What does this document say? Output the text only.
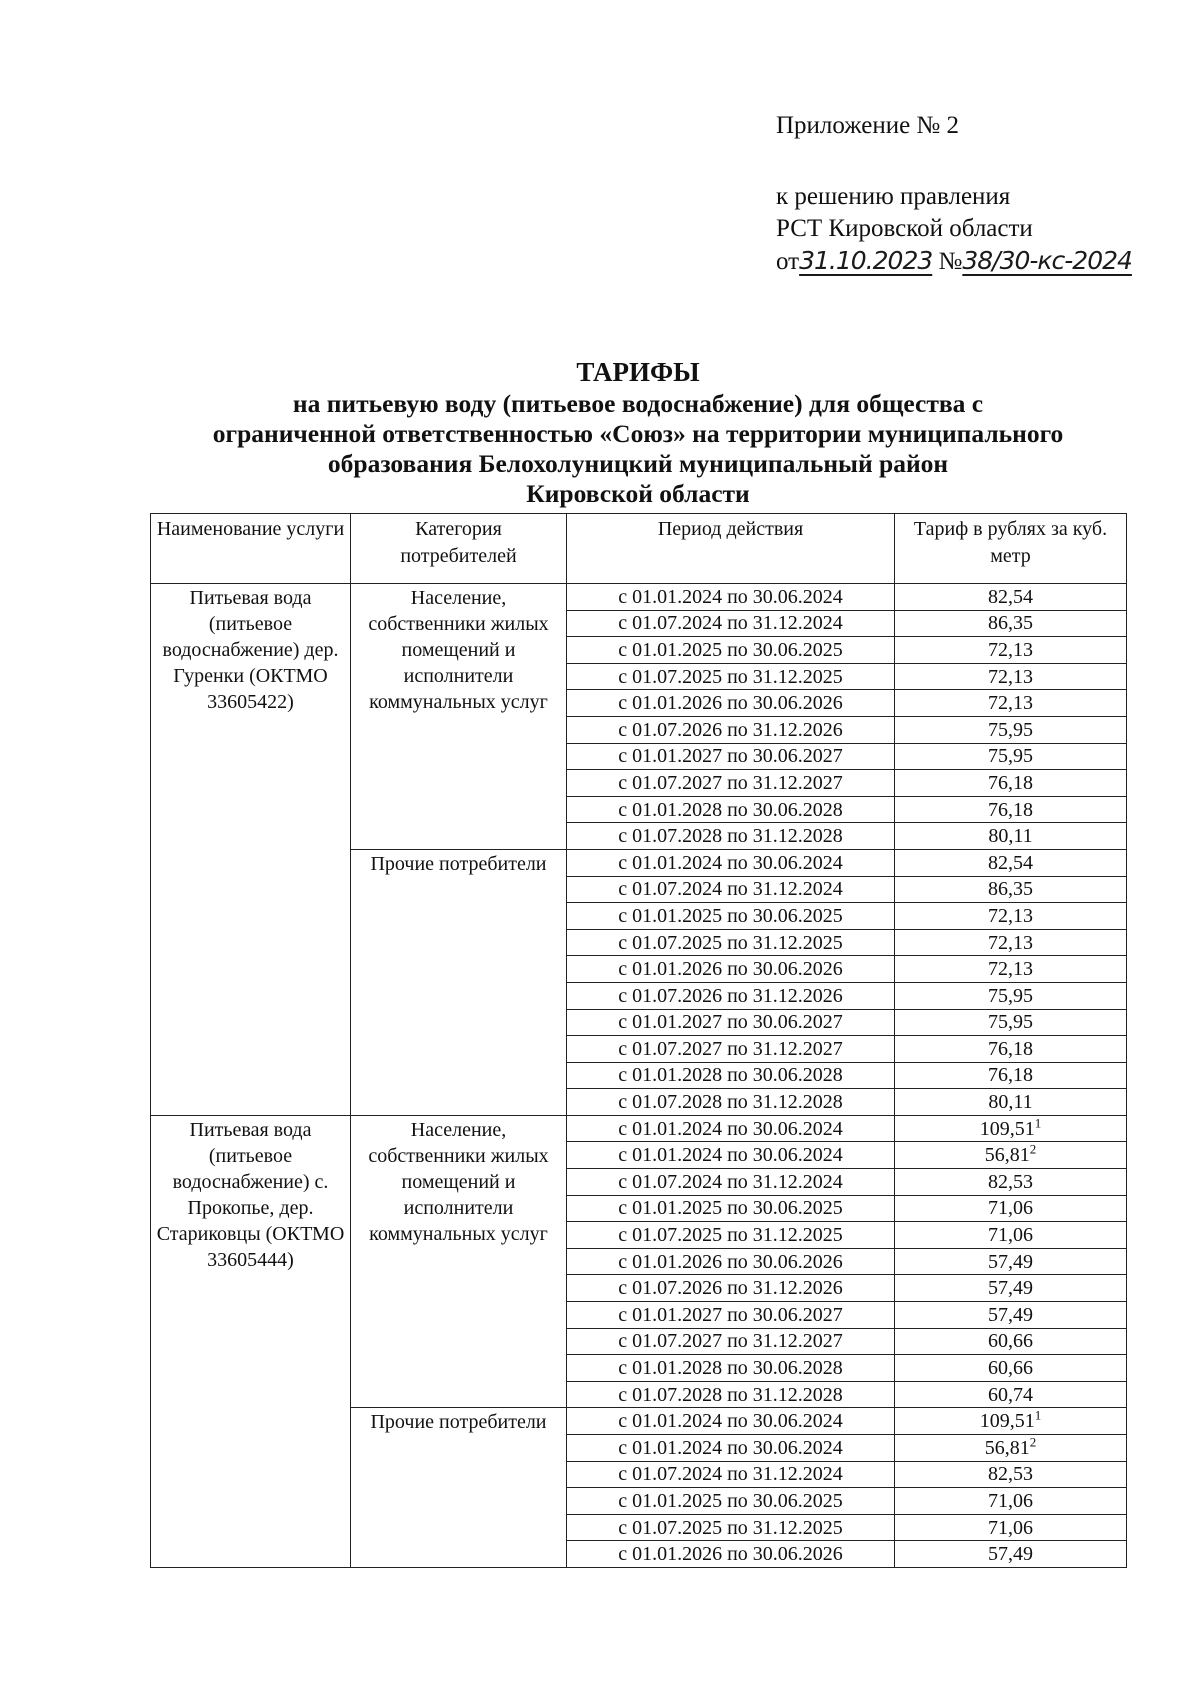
Приложение № 2
к решению правления
РСТ Кировской области
от31.10.2023 №38/30-кс-2024
ТАРИФЫ
на питьевую воду (питьевое водоснабжение) для общества с
ограниченной ответственностью «Союз» на территории муниципального
образования Белохолуницкий муниципальный район
Кировской области
Наименование услуги	Категория потребителей	Период действия	Тариф в рублях за куб. метр
Питьевая вода (питьевое водоснабжение) дер. Гуренки (ОКТМО 33605422)	Население, собственники жилых помещений и исполнители коммунальных услуг	с 01.01.2024 по 30.06.2024	82,54
		с 01.07.2024 по 31.12.2024	86,35
		с 01.01.2025 по 30.06.2025	72,13
		с 01.07.2025 по 31.12.2025	72,13
		с 01.01.2026 по 30.06.2026	72,13
		с 01.07.2026 по 31.12.2026	75,95
		с 01.01.2027 по 30.06.2027	75,95
		с 01.07.2027 по 31.12.2027	76,18
		с 01.01.2028 по 30.06.2028	76,18
		с 01.07.2028 по 31.12.2028	80,11
	Прочие потребители	с 01.01.2024 по 30.06.2024	82,54
		с 01.07.2024 по 31.12.2024	86,35
		с 01.01.2025 по 30.06.2025	72,13
		с 01.07.2025 по 31.12.2025	72,13
		с 01.01.2026 по 30.06.2026	72,13
		с 01.07.2026 по 31.12.2026	75,95
		с 01.01.2027 по 30.06.2027	75,95
		с 01.07.2027 по 31.12.2027	76,18
		с 01.01.2028 по 30.06.2028	76,18
		с 01.07.2028 по 31.12.2028	80,11
Питьевая вода (питьевое водоснабжение) с. Прокопье, дер. Стариковцы (ОКТМО 33605444)	Население, собственники жилых помещений и исполнители коммунальных услуг	с 01.01.2024 по 30.06.2024	109,51$^1$
		с 01.01.2024 по 30.06.2024	56,81$^2$
		с 01.07.2024 по 31.12.2024	82,53
		с 01.01.2025 по 30.06.2025	71,06
		с 01.07.2025 по 31.12.2025	71,06
		с 01.01.2026 по 30.06.2026	57,49
		с 01.07.2026 по 31.12.2026	57,49
		с 01.01.2027 по 30.06.2027	57,49
		с 01.07.2027 по 31.12.2027	60,66
		с 01.01.2028 по 30.06.2028	60,66
		с 01.07.2028 по 31.12.2028	60,74
	Прочие потребители	с 01.01.2024 по 30.06.2024	109,51$^1$
		с 01.01.2024 по 30.06.2024	56,81$^2$
		с 01.07.2024 по 31.12.2024	82,53
		с 01.01.2025 по 30.06.2025	71,06
		с 01.07.2025 по 31.12.2025	71,06
		с 01.01.2026 по 30.06.2026	57,49
